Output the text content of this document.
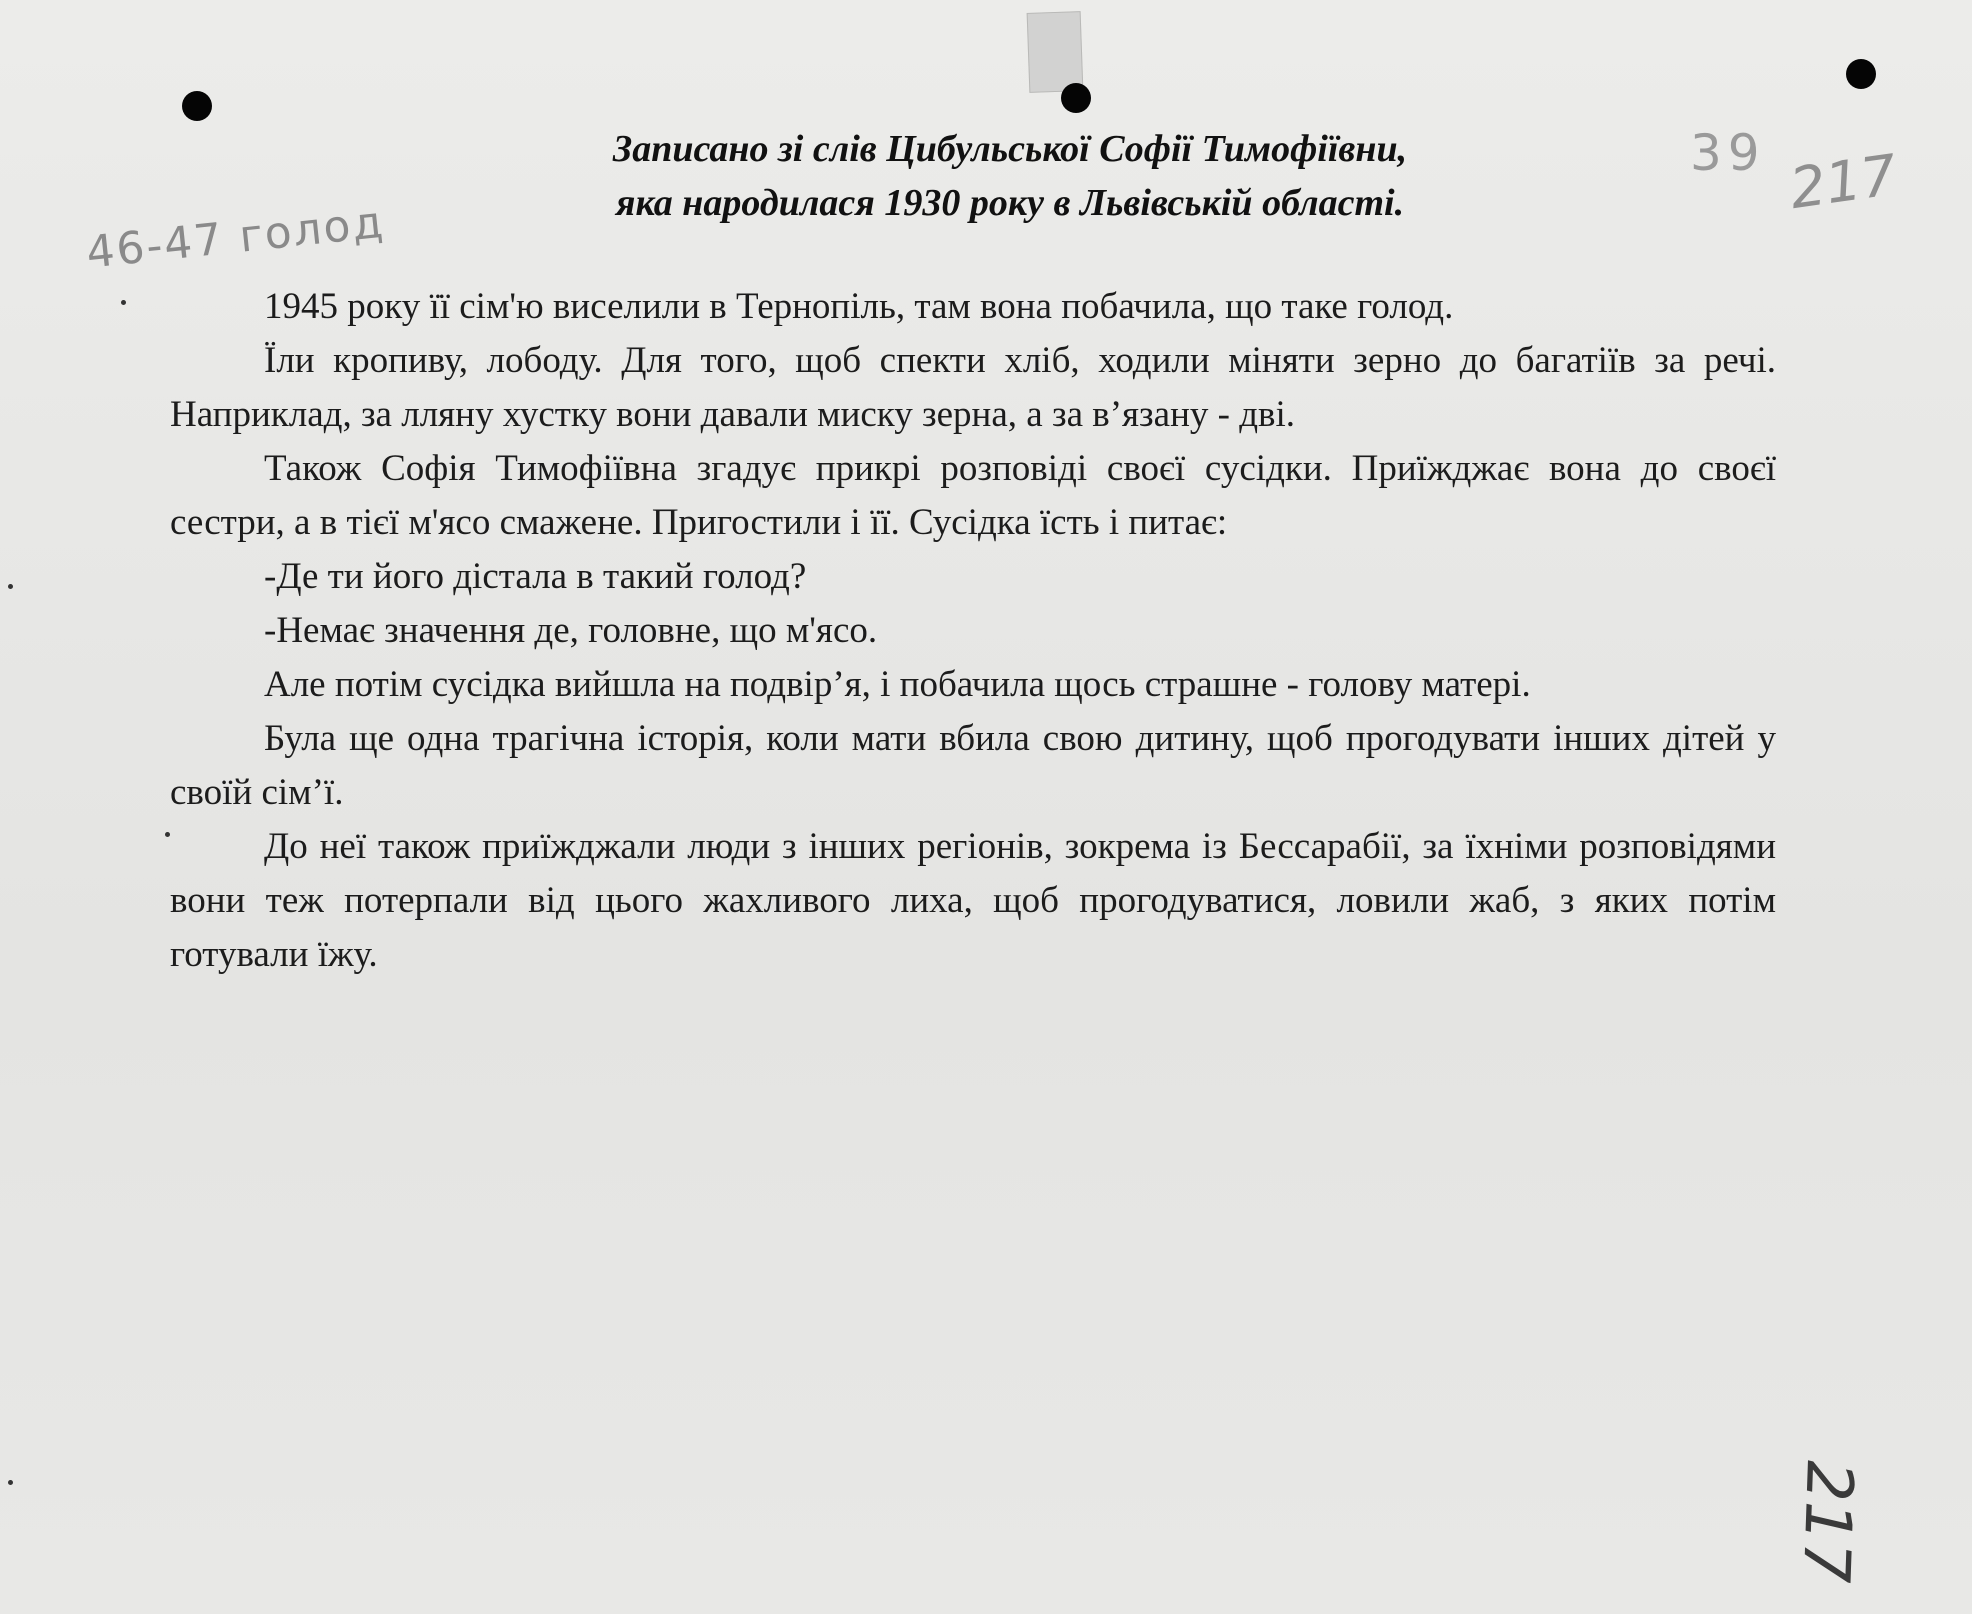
46-47 голод
39 217
217
Записано зі слів Цибульської Софії Тимофіївни,
яка народилася 1930 року в Львівській області.

1945 року її сім'ю виселили в Тернопіль, там вона побачила, що таке голод.

Їли кропиву, лободу. Для того, щоб спекти хліб, ходили міняти зерно до багатіїв за речі. Наприклад, за лляну хустку вони давали миску зерна, а за в’язану - дві.

Також Софія Тимофіївна згадує прикрі розповіді своєї сусідки. Приїжджає вона до своєї сестри, а в тієї м'ясо смажене. Пригостили і її. Сусідка їсть і питає:

-Де ти його дістала в такий голод?

-Немає значення де, головне, що м'ясо.

Але потім сусідка вийшла на подвір’я, і побачила щось страшне - голову матері.

Була ще одна трагічна історія, коли мати вбила свою дитину, щоб прогодувати інших дітей у своїй сім’ї.

До неї також приїжджали люди з інших регіонів, зокрема із Бессарабії, за їхніми розповідями вони теж потерпали від цього жахливого лиха, щоб прогодуватися, ловили жаб, з яких потім готували їжу.
